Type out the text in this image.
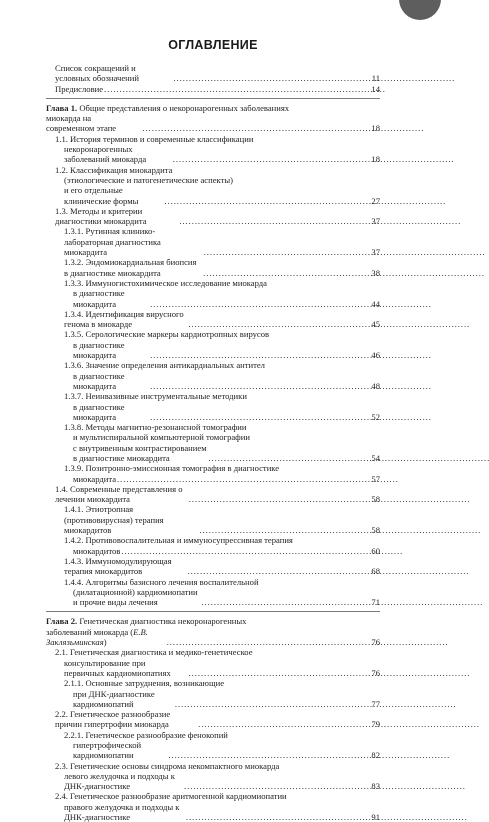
ОГЛАВЛЕНИЕ
Список сокращений и условных обозначений . . .	11
Предисловие . . .	14
Глава 1. Общие представления о некоронарогенных заболеваниях
миокарда на современном этапе . . .	18
1.1. История терминов и современные классификации
некоронарогенных заболеваний миокарда . . .	18
1.2. Классификация миокардита
(этиологические и патогенетические аспекты)
и его отдельные клинические формы . . .	27
1.3. Методы и критерии диагностики миокардита . . .	37
1.3.1. Рутинная клинико-лабораторная диагностика миокардита . . .	37
1.3.2. Эндомиокардиальная биопсия в диагностике миокардита . . .	38
1.3.3. Иммуногистохимическое исследование миокарда
в диагностике миокардита . . .	44
1.3.4. Идентификация вирусного генома в миокарде . . .	45
1.3.5. Серологические маркеры кардиотропных вирусов
в диагностике миокардита . . .	46
1.3.6. Значение определения антикардиальных антител
в диагностике миокардита . . .	48
1.3.7. Неинвазивные инструментальные методики
в диагностике миокардита . . .	52
1.3.8. Методы магнитно-резонансной томографии
и мультиспиральной компьютерной томографии
с внутривенным контрастированием в диагностике миокардита . . .	54
1.3.9. Позитронно-эмиссионная томография в диагностике
миокардита . . .	57
1.4. Современные представления о лечении миокардита . . .	58
1.4.1. Этиотропная (противовирусная) терапия миокардитов . . .	58
1.4.2. Противовоспалительная и иммуносупрессивная терапия
миокардитов . . .	60
1.4.3. Иммуномодулирующая терапия миокардитов . . .	68
1.4.4. Алгоритмы базисного лечения воспалительной
(дилатационной) кардиомиопатии и прочие виды лечения . . .	71
Глава 2. Генетическая диагностика некоронарогенных
заболеваний миокарда (Е.В. Заклязьминская) . . .	76
2.1. Генетическая диагностика и медико-генетическое
консультирование при первичных кардиомиопатиях . . .	76
2.1.1. Основные затруднения, возникающие
при ДНК-диагностике кардиомиопатий . . .	77
2.2. Генетическое разнообразие причин гипертрофии миокарда . . .	79
2.2.1. Генетическое разнообразие фенокопий
гипертрофической кардиомиопатии . . .	82
2.3. Генетические основы синдрома некомпактного миокарда
левого желудочка и подходы к ДНК-диагностике . . .	83
2.4. Генетическое разнообразие аритмогенной кардиомиопатии
правого желудочка и подходы к ДНК-диагностике . . .	91
